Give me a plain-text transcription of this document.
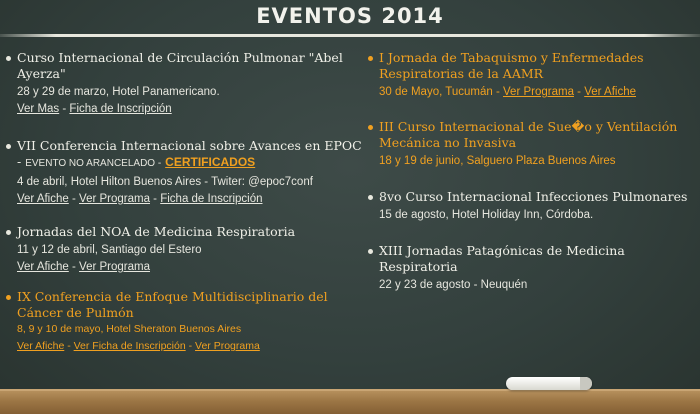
EVENTOS 2014
Curso Internacional de Circulación Pulmonar "Abel Ayerza"
28 y 29 de marzo, Hotel Panamericano.
Ver Mas - Ficha de Inscripción
VII Conferencia Internacional sobre Avances en EPOC - EVENTO NO ARANCELADO - CERTIFICADOS
4 de abril, Hotel Hilton Buenos Aires - Twiter: @epoc7conf
Ver Afiche - Ver Programa - Ficha de Inscripción
Jornadas del NOA de Medicina Respiratoria
11 y 12 de abril, Santiago del Estero
Ver Afiche - Ver Programa
IX Conferencia de Enfoque Multidisciplinario del Cáncer de Pulmón
8, 9 y 10 de mayo, Hotel Sheraton Buenos Aires
Ver Afiche - Ver Ficha de Inscripción - Ver Programa
I Jornada de Tabaquismo y Enfermedades Respiratorias de la AAMR
30 de Mayo, Tucumán - Ver Programa - Ver Afiche
III Curso Internacional de Sue�o y Ventilación Mecánica no Invasiva
18 y 19 de junio, Salguero Plaza Buenos Aires
8vo Curso Internacional Infecciones Pulmonares
15 de agosto, Hotel Holiday Inn, Córdoba.
XIII Jornadas Patagónicas de Medicina Respiratoria
22 y 23 de agosto - Neuquén
